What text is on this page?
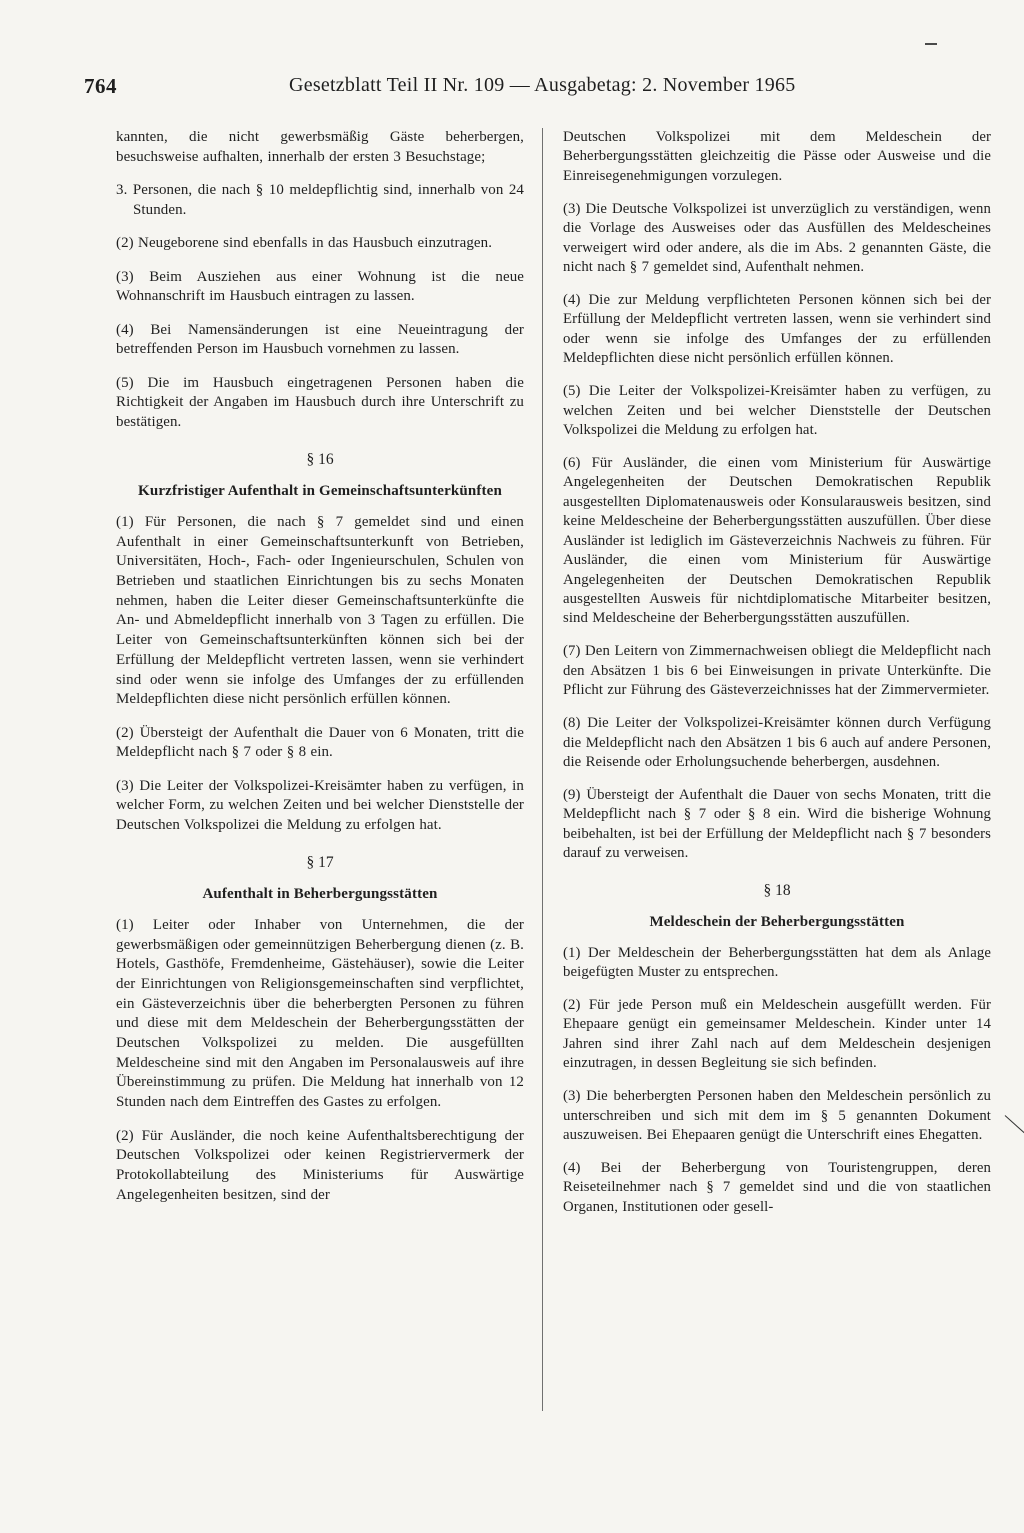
764	Gesetzblatt Teil II Nr. 109 — Ausgabetag: 2. November 1965

kannten, die nicht gewerbsmäßig Gäste beherbergen, besuchsweise aufhalten, innerhalb der ersten 3 Besuchstage;

3. Personen, die nach § 10 meldepflichtig sind, innerhalb von 24 Stunden.

(2) Neugeborene sind ebenfalls in das Hausbuch einzutragen.

(3) Beim Ausziehen aus einer Wohnung ist die neue Wohnanschrift im Hausbuch eintragen zu lassen.

(4) Bei Namensänderungen ist eine Neueintragung der betreffenden Person im Hausbuch vornehmen zu lassen.

(5) Die im Hausbuch eingetragenen Personen haben die Richtigkeit der Angaben im Hausbuch durch ihre Unterschrift zu bestätigen.

§ 16
Kurzfristiger Aufenthalt in Gemeinschaftsunterkünften

(1) Für Personen, die nach § 7 gemeldet sind und einen Aufenthalt in einer Gemeinschaftsunterkunft von Betrieben, Universitäten, Hoch-, Fach- oder Ingenieurschulen, Schulen von Betrieben und staatlichen Einrichtungen bis zu sechs Monaten nehmen, haben die Leiter dieser Gemeinschaftsunterkünfte die An- und Abmeldepflicht innerhalb von 3 Tagen zu erfüllen. Die Leiter von Gemeinschaftsunterkünften können sich bei der Erfüllung der Meldepflicht vertreten lassen, wenn sie verhindert sind oder wenn sie infolge des Umfanges der zu erfüllenden Meldepflichten diese nicht persönlich erfüllen können.

(2) Übersteigt der Aufenthalt die Dauer von 6 Monaten, tritt die Meldepflicht nach § 7 oder § 8 ein.

(3) Die Leiter der Volkspolizei-Kreisämter haben zu verfügen, in welcher Form, zu welchen Zeiten und bei welcher Dienststelle der Deutschen Volkspolizei die Meldung zu erfolgen hat.

§ 17
Aufenthalt in Beherbergungsstätten

(1) Leiter oder Inhaber von Unternehmen, die der gewerbsmäßigen oder gemeinnützigen Beherbergung dienen (z. B. Hotels, Gasthöfe, Fremdenheime, Gästehäuser), sowie die Leiter der Einrichtungen von Religionsgemeinschaften sind verpflichtet, ein Gästeverzeichnis über die beherbergten Personen zu führen und diese mit dem Meldeschein der Beherbergungsstätten der Deutschen Volkspolizei zu melden. Die ausgefüllten Meldescheine sind mit den Angaben im Personalausweis auf ihre Übereinstimmung zu prüfen. Die Meldung hat innerhalb von 12 Stunden nach dem Eintreffen des Gastes zu erfolgen.

(2) Für Ausländer, die noch keine Aufenthaltsberechtigung der Deutschen Volkspolizei oder keinen Registriervermerk der Protokollabteilung des Ministeriums für Auswärtige Angelegenheiten besitzen, sind der

Deutschen Volkspolizei mit dem Meldeschein der Beherbergungsstätten gleichzeitig die Pässe oder Ausweise und die Einreisegenehmigungen vorzulegen.

(3) Die Deutsche Volkspolizei ist unverzüglich zu verständigen, wenn die Vorlage des Ausweises oder das Ausfüllen des Meldescheines verweigert wird oder andere, als die im Abs. 2 genannten Gäste, die nicht nach § 7 gemeldet sind, Aufenthalt nehmen.

(4) Die zur Meldung verpflichteten Personen können sich bei der Erfüllung der Meldepflicht vertreten lassen, wenn sie verhindert sind oder wenn sie infolge des Umfanges der zu erfüllenden Meldepflichten diese nicht persönlich erfüllen können.

(5) Die Leiter der Volkspolizei-Kreisämter haben zu verfügen, zu welchen Zeiten und bei welcher Dienststelle der Deutschen Volkspolizei die Meldung zu erfolgen hat.

(6) Für Ausländer, die einen vom Ministerium für Auswärtige Angelegenheiten der Deutschen Demokratischen Republik ausgestellten Diplomatenausweis oder Konsularausweis besitzen, sind keine Meldescheine der Beherbergungsstätten auszufüllen. Über diese Ausländer ist lediglich im Gästeverzeichnis Nachweis zu führen. Für Ausländer, die einen vom Ministerium für Auswärtige Angelegenheiten der Deutschen Demokratischen Republik ausgestellten Ausweis für nichtdiplomatische Mitarbeiter besitzen, sind Meldescheine der Beherbergungsstätten auszufüllen.

(7) Den Leitern von Zimmernachweisen obliegt die Meldepflicht nach den Absätzen 1 bis 6 bei Einweisungen in private Unterkünfte. Die Pflicht zur Führung des Gästeverzeichnisses hat der Zimmervermieter.

(8) Die Leiter der Volkspolizei-Kreisämter können durch Verfügung die Meldepflicht nach den Absätzen 1 bis 6 auch auf andere Personen, die Reisende oder Erholungsuchende beherbergen, ausdehnen.

(9) Übersteigt der Aufenthalt die Dauer von sechs Monaten, tritt die Meldepflicht nach § 7 oder § 8 ein. Wird die bisherige Wohnung beibehalten, ist bei der Erfüllung der Meldepflicht nach § 7 besonders darauf zu verweisen.

§ 18
Meldeschein der Beherbergungsstätten

(1) Der Meldeschein der Beherbergungsstätten hat dem als Anlage beigefügten Muster zu entsprechen.

(2) Für jede Person muß ein Meldeschein ausgefüllt werden. Für Ehepaare genügt ein gemeinsamer Meldeschein. Kinder unter 14 Jahren sind ihrer Zahl nach auf dem Meldeschein desjenigen einzutragen, in dessen Begleitung sie sich befinden.

(3) Die beherbergten Personen haben den Meldeschein persönlich zu unterschreiben und sich mit dem im § 5 genannten Dokument auszuweisen. Bei Ehepaaren genügt die Unterschrift eines Ehegatten.

(4) Bei der Beherbergung von Touristengruppen, deren Reiseteilnehmer nach § 7 gemeldet sind und die von staatlichen Organen, Institutionen oder gesell-
